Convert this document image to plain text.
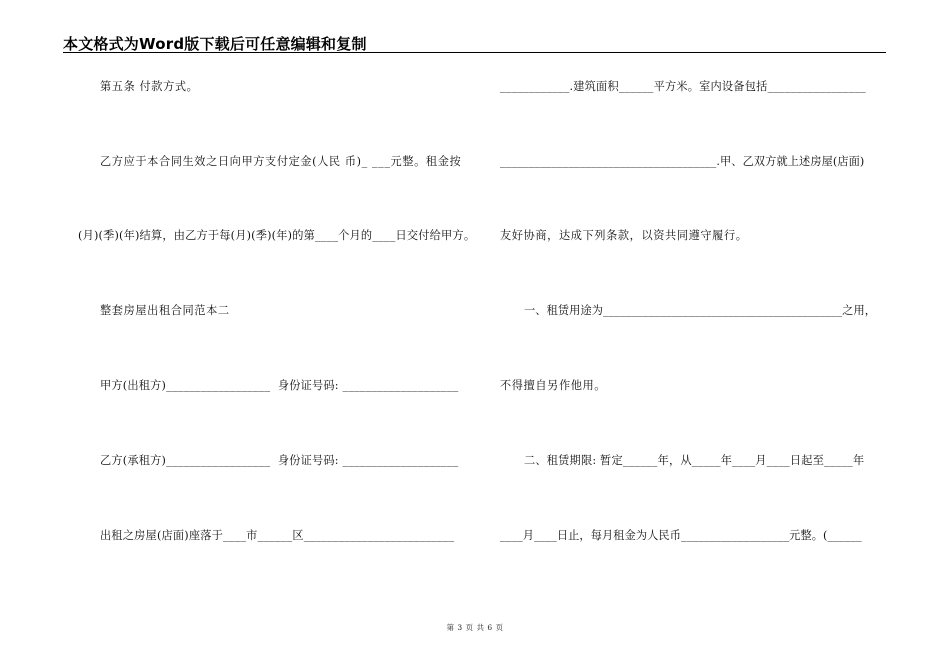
本文格式为Word版下载后可任意编辑和复制
第五条 付款方式。
乙方应于本合同生效之日向甲方支付定金(人民 币)_ ___元整。租金按
(月)(季)(年)结算，由乙方于每(月)(季)(年)的第____个月的____日交付给甲方。
整套房屋出租合同范本二
甲方(出租方)__________________  身份证号码: ____________________
乙方(承租方)__________________  身份证号码: ____________________
出租之房屋(店面)座落于____市______区__________________________
____________.建筑面积______平方米。室内设备包括_________________
______________________________________.甲、乙双方就上述房屋(店面)
友好协商，达成下列条款，以资共同遵守履行。
一、租赁用途为__________________________________________之用，
不得擅自另作他用。
二、租赁期限: 暂定______年，从_____年____月____日起至_____年
____月____日止，每月租金为人民币___________________元整。(______
第 3 页 共 6 页
